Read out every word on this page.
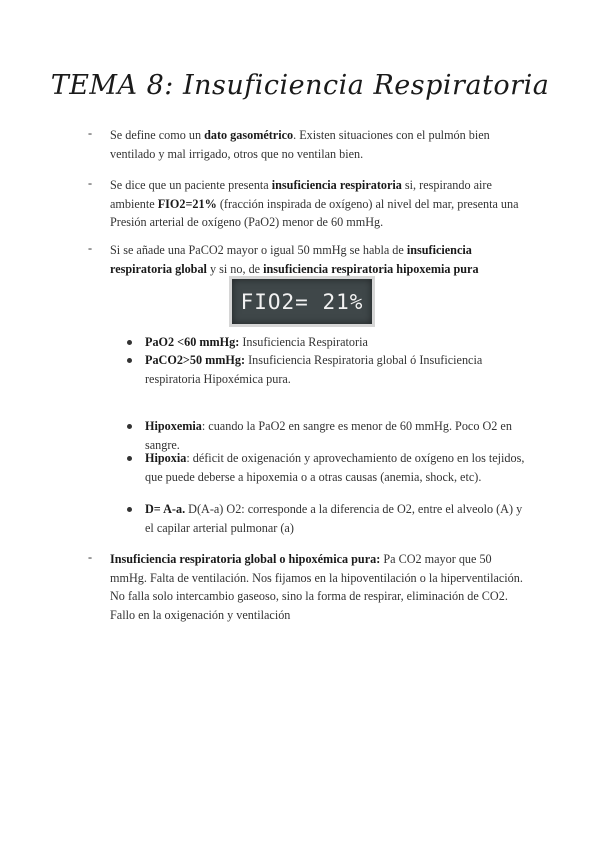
TEMA 8: Insuficiencia Respiratoria
- Se define como un dato gasométrico. Existen situaciones con el pulmón bien ventilado y mal irrigado, otros que no ventilan bien.
- Se dice que un paciente presenta insuficiencia respiratoria si, respirando aire ambiente FIO2=21% (fracción inspirada de oxígeno) al nivel del mar, presenta una Presión arterial de oxígeno (PaO2) menor de 60 mmHg.
- Si se añade una PaCO2 mayor o igual 50 mmHg se habla de insuficiencia respiratoria global y si no, de insuficiencia respiratoria hipoxemia pura
FIO2= 21%
PaO2 <60 mmHg: Insuficiencia Respiratoria
PaCO2>50 mmHg: Insuficiencia Respiratoria global ó Insuficiencia respiratoria Hipoxémica pura.
Hipoxemia: cuando la PaO2 en sangre es menor de 60 mmHg. Poco O2 en sangre.
Hipoxia: déficit de oxigenación y aprovechamiento de oxígeno en los tejidos, que puede deberse a hipoxemia o a otras causas (anemia, shock, etc).
D= A-a. D(A-a) O2: corresponde a la diferencia de O2, entre el alveolo (A) y el capilar arterial pulmonar (a)
- Insuficiencia respiratoria global o hipoxémica pura: Pa CO2 mayor que 50 mmHg. Falta de ventilación. Nos fijamos en la hipoventilación o la hiperventilación. No falla solo intercambio gaseoso, sino la forma de respirar, eliminación de CO2. Fallo en la oxigenación y ventilación
